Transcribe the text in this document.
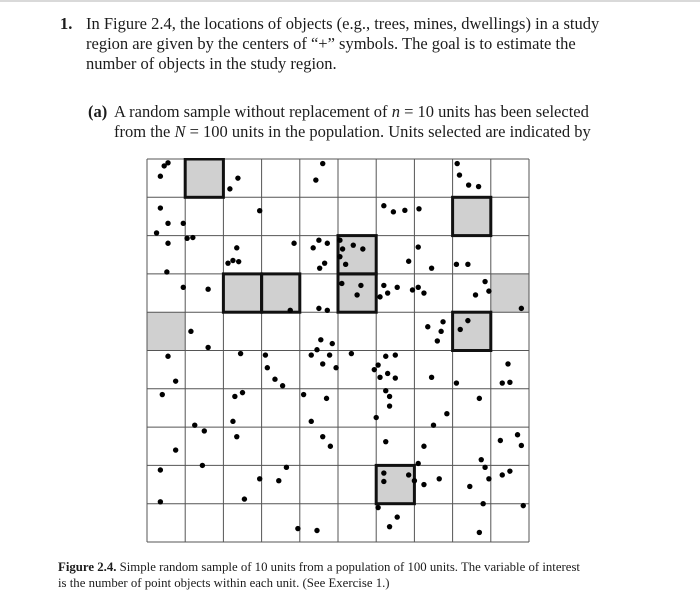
1. In Figure 2.4, the locations of objects (e.g., trees, mines, dwellings) in a study
region are given by the centers of “+” symbols. The goal is to estimate the
number of objects in the study region.
(a) A random sample without replacement of n = 10 units has been selected
from the N = 100 units in the population. Units selected are indicated by
Figure 2.4. Simple random sample of 10 units from a population of 100 units. The variable of interest
is the number of point objects within each unit. (See Exercise 1.)
